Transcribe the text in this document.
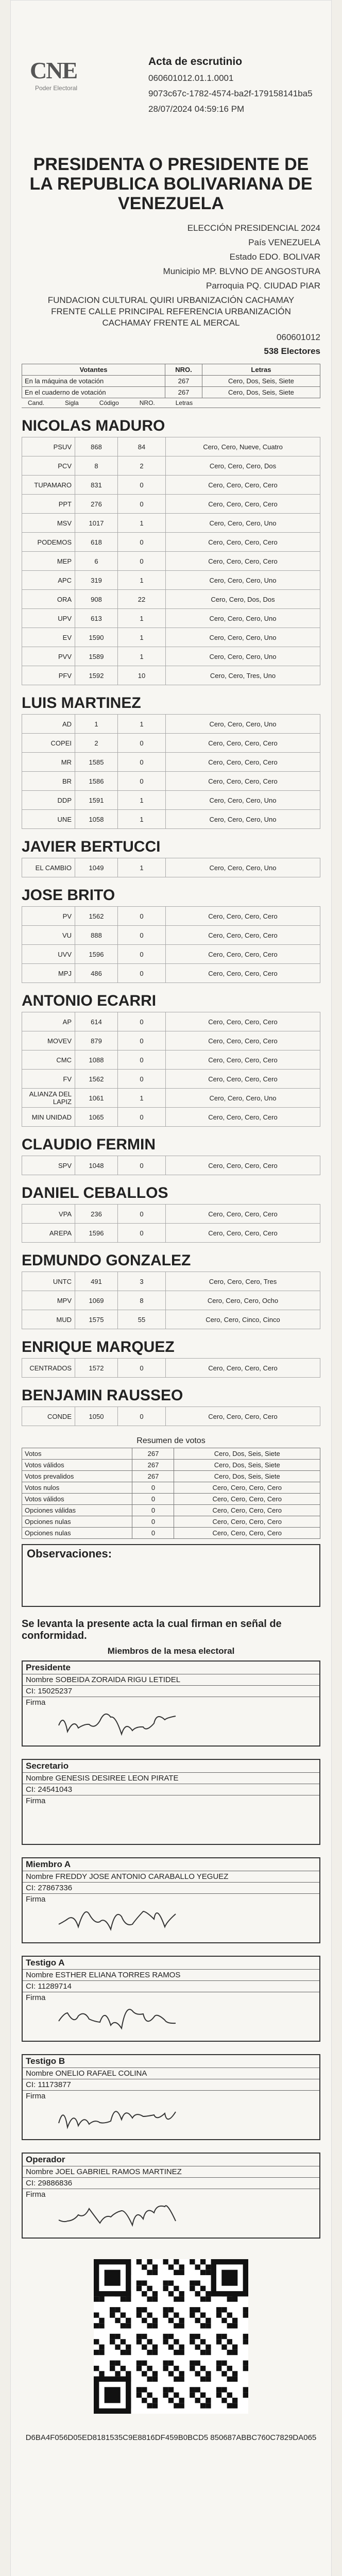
CNE
Poder Electoral
Acta de escrutinio
060601012.01.1.0001
9073c67c-1782-4574-ba2f-179158141ba5
28/07/2024 04:59:16 PM
PRESIDENTA O PRESIDENTE DE LA REPUBLICA BOLIVARIANA DE VENEZUELA
ELECCIÓN PRESIDENCIAL 2024
País VENEZUELA
Estado EDO. BOLIVAR
Municipio MP. BLVNO DE ANGOSTURA
Parroquia PQ. CIUDAD PIAR
FUNDACION CULTURAL QUIRI URBANIZACIÓN CACHAMAY FRENTE CALLE PRINCIPAL REFERENCIA URBANIZACIÓN CACHAMAY FRENTE AL MERCAL
060601012
538 Electores
Votantes	NRO.	Letras
En la máquina de votación	267	Cero, Dos, Seis, Siete
En el cuaderno de votación	267	Cero, Dos, Seis, Siete
Cand.	Sigla	Código	NRO.	Letras
NICOLAS MADURO
PSUV	868	84	Cero, Cero, Nueve, Cuatro
PCV	8	2	Cero, Cero, Cero, Dos
TUPAMARO	831	0	Cero, Cero, Cero, Cero
PPT	276	0	Cero, Cero, Cero, Cero
MSV	1017	1	Cero, Cero, Cero, Uno
PODEMOS	618	0	Cero, Cero, Cero, Cero
MEP	6	0	Cero, Cero, Cero, Cero
APC	319	1	Cero, Cero, Cero, Uno
ORA	908	22	Cero, Cero, Dos, Dos
UPV	613	1	Cero, Cero, Cero, Uno
EV	1590	1	Cero, Cero, Cero, Uno
PVV	1589	1	Cero, Cero, Cero, Uno
PFV	1592	10	Cero, Cero, Tres, Uno
LUIS MARTINEZ
AD	1	1	Cero, Cero, Cero, Uno
COPEI	2	0	Cero, Cero, Cero, Cero
MR	1585	0	Cero, Cero, Cero, Cero
BR	1586	0	Cero, Cero, Cero, Cero
DDP	1591	1	Cero, Cero, Cero, Uno
UNE	1058	1	Cero, Cero, Cero, Uno
JAVIER BERTUCCI
EL CAMBIO	1049	1	Cero, Cero, Cero, Uno
JOSE BRITO
PV	1562	0	Cero, Cero, Cero, Cero
VU	888	0	Cero, Cero, Cero, Cero
UVV	1596	0	Cero, Cero, Cero, Cero
MPJ	486	0	Cero, Cero, Cero, Cero
ANTONIO ECARRI
AP	614	0	Cero, Cero, Cero, Cero
MOVEV	879	0	Cero, Cero, Cero, Cero
CMC	1088	0	Cero, Cero, Cero, Cero
FV	1562	0	Cero, Cero, Cero, Cero
ALIANZA DEL LAPIZ	1061	1	Cero, Cero, Cero, Uno
MIN UNIDAD	1065	0	Cero, Cero, Cero, Cero
CLAUDIO FERMIN
SPV	1048	0	Cero, Cero, Cero, Cero
DANIEL CEBALLOS
VPA	236	0	Cero, Cero, Cero, Cero
AREPA	1596	0	Cero, Cero, Cero, Cero
EDMUNDO GONZALEZ
UNTC	491	3	Cero, Cero, Cero, Tres
MPV	1069	8	Cero, Cero, Cero, Ocho
MUD	1575	55	Cero, Cero, Cinco, Cinco
ENRIQUE MARQUEZ
CENTRADOS	1572	0	Cero, Cero, Cero, Cero
BENJAMIN RAUSSEO
CONDE	1050	0	Cero, Cero, Cero, Cero
Resumen de votos
Votos	267	Cero, Dos, Seis, Siete
Votos válidos	267	Cero, Dos, Seis, Siete
Votos prevalidos	267	Cero, Dos, Seis, Siete
Votos nulos	0	Cero, Cero, Cero, Cero
Votos válidos	0	Cero, Cero, Cero, Cero
Opciones válidas	0	Cero, Cero, Cero, Cero
Opciones nulas	0	Cero, Cero, Cero, Cero
Opciones nulas	0	Cero, Cero, Cero, Cero
Observaciones:
Se levanta la presente acta la cual firman en señal de conformidad.
Miembros de la mesa electoral
Presidente
Nombre SOBEIDA ZORAIDA RIGU LETIDEL
CI: 15025237
Firma
Secretario
Nombre GENESIS DESIREE LEON PIRATE
CI: 24541043
Firma
Miembro A
Nombre FREDDY JOSE ANTONIO CARABALLO YEGUEZ
CI: 27867336
Firma
Testigo A
Nombre ESTHER ELIANA TORRES RAMOS
CI: 11289714
Firma
Testigo B
Nombre ONELIO RAFAEL COLINA
CI: 11173877
Firma
Operador
Nombre JOEL GABRIEL RAMOS MARTINEZ
CI: 29886836
Firma
D6BA4F056D05ED8181535C9E8816DF459B0BCD5 850687ABBC760C7829DA065
